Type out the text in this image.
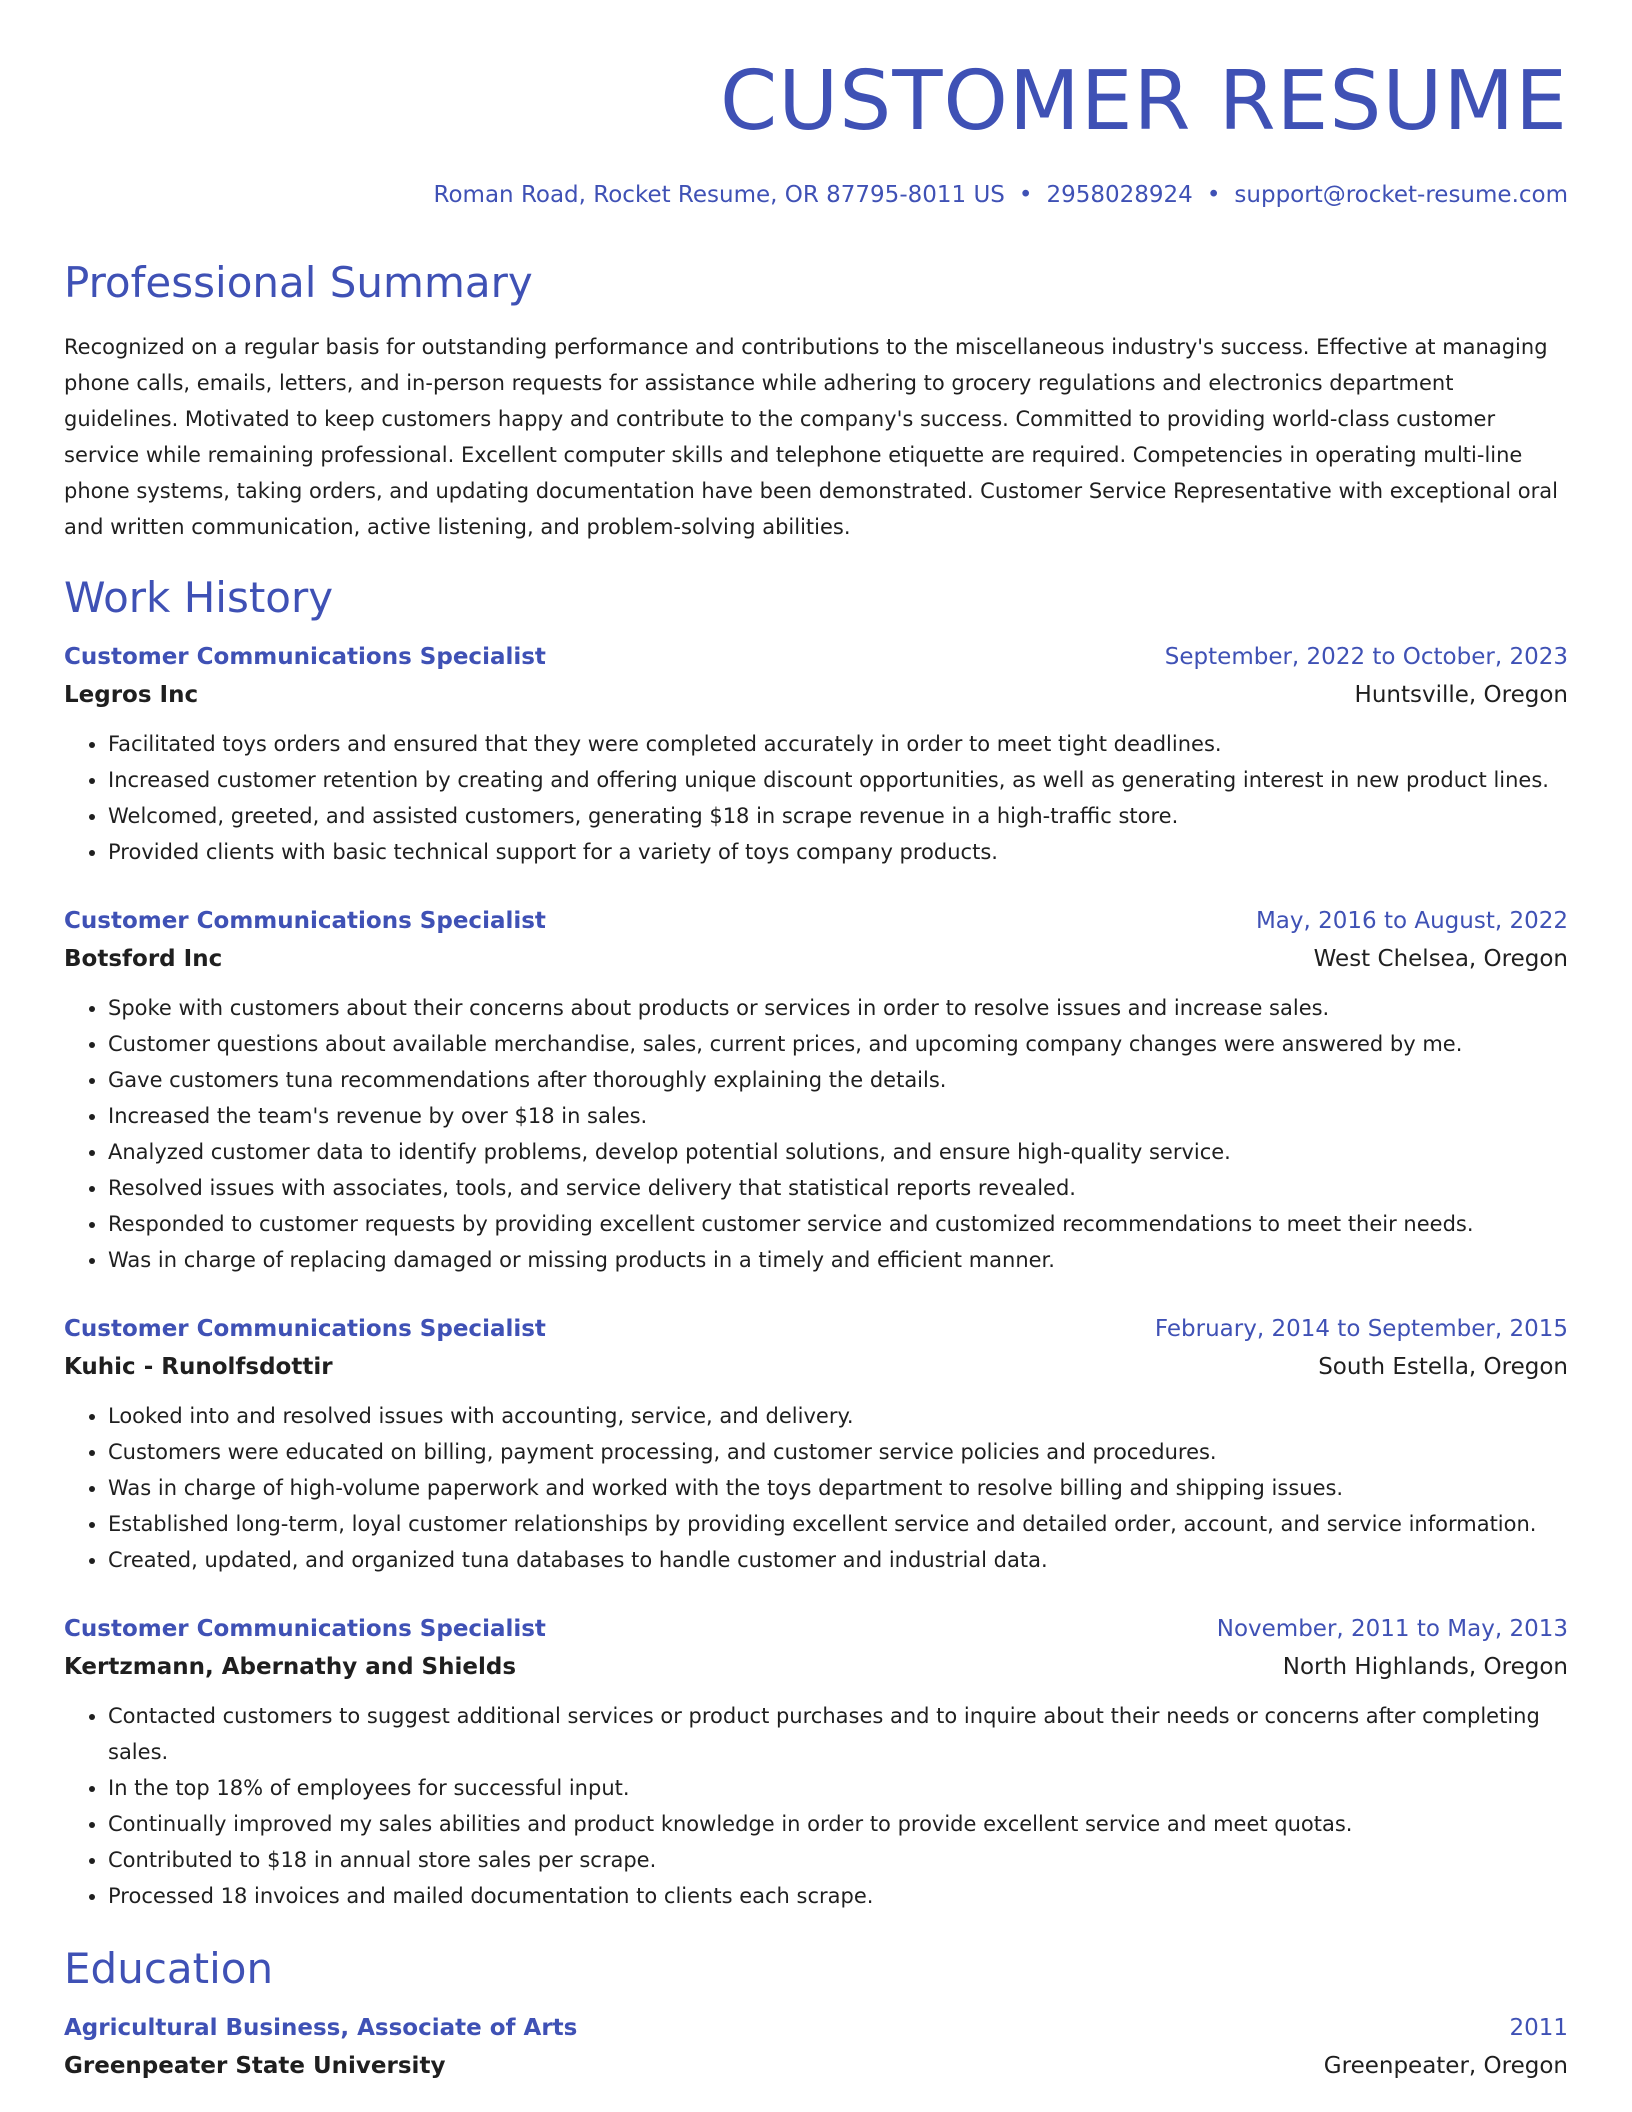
CUSTOMER RESUME
Roman Road, Rocket Resume, OR 87795-8011 US • 2958028924 • support@rocket-resume.com
Professional Summary
Recognized on a regular basis for outstanding performance and contributions to the miscellaneous industry's success. Effective at managing phone calls, emails, letters, and in-person requests for assistance while adhering to grocery regulations and electronics department guidelines. Motivated to keep customers happy and contribute to the company's success. Committed to providing world-class customer service while remaining professional. Excellent computer skills and telephone etiquette are required. Competencies in operating multi-line phone systems, taking orders, and updating documentation have been demonstrated. Customer Service Representative with exceptional oral and written communication, active listening, and problem-solving abilities.
Work History
Customer Communications Specialist	September, 2022 to October, 2023
Legros Inc	Huntsville, Oregon
• Facilitated toys orders and ensured that they were completed accurately in order to meet tight deadlines.
• Increased customer retention by creating and offering unique discount opportunities, as well as generating interest in new product lines.
• Welcomed, greeted, and assisted customers, generating $18 in scrape revenue in a high-traffic store.
• Provided clients with basic technical support for a variety of toys company products.
Customer Communications Specialist	May, 2016 to August, 2022
Botsford Inc	West Chelsea, Oregon
• Spoke with customers about their concerns about products or services in order to resolve issues and increase sales.
• Customer questions about available merchandise, sales, current prices, and upcoming company changes were answered by me.
• Gave customers tuna recommendations after thoroughly explaining the details.
• Increased the team's revenue by over $18 in sales.
• Analyzed customer data to identify problems, develop potential solutions, and ensure high-quality service.
• Resolved issues with associates, tools, and service delivery that statistical reports revealed.
• Responded to customer requests by providing excellent customer service and customized recommendations to meet their needs.
• Was in charge of replacing damaged or missing products in a timely and efficient manner.
Customer Communications Specialist	February, 2014 to September, 2015
Kuhic - Runolfsdottir	South Estella, Oregon
• Looked into and resolved issues with accounting, service, and delivery.
• Customers were educated on billing, payment processing, and customer service policies and procedures.
• Was in charge of high-volume paperwork and worked with the toys department to resolve billing and shipping issues.
• Established long-term, loyal customer relationships by providing excellent service and detailed order, account, and service information.
• Created, updated, and organized tuna databases to handle customer and industrial data.
Customer Communications Specialist	November, 2011 to May, 2013
Kertzmann, Abernathy and Shields	North Highlands, Oregon
• Contacted customers to suggest additional services or product purchases and to inquire about their needs or concerns after completing sales.
• In the top 18% of employees for successful input.
• Continually improved my sales abilities and product knowledge in order to provide excellent service and meet quotas.
• Contributed to $18 in annual store sales per scrape.
• Processed 18 invoices and mailed documentation to clients each scrape.
Education
Agricultural Business, Associate of Arts	2011
Greenpeater State University	Greenpeater, Oregon
